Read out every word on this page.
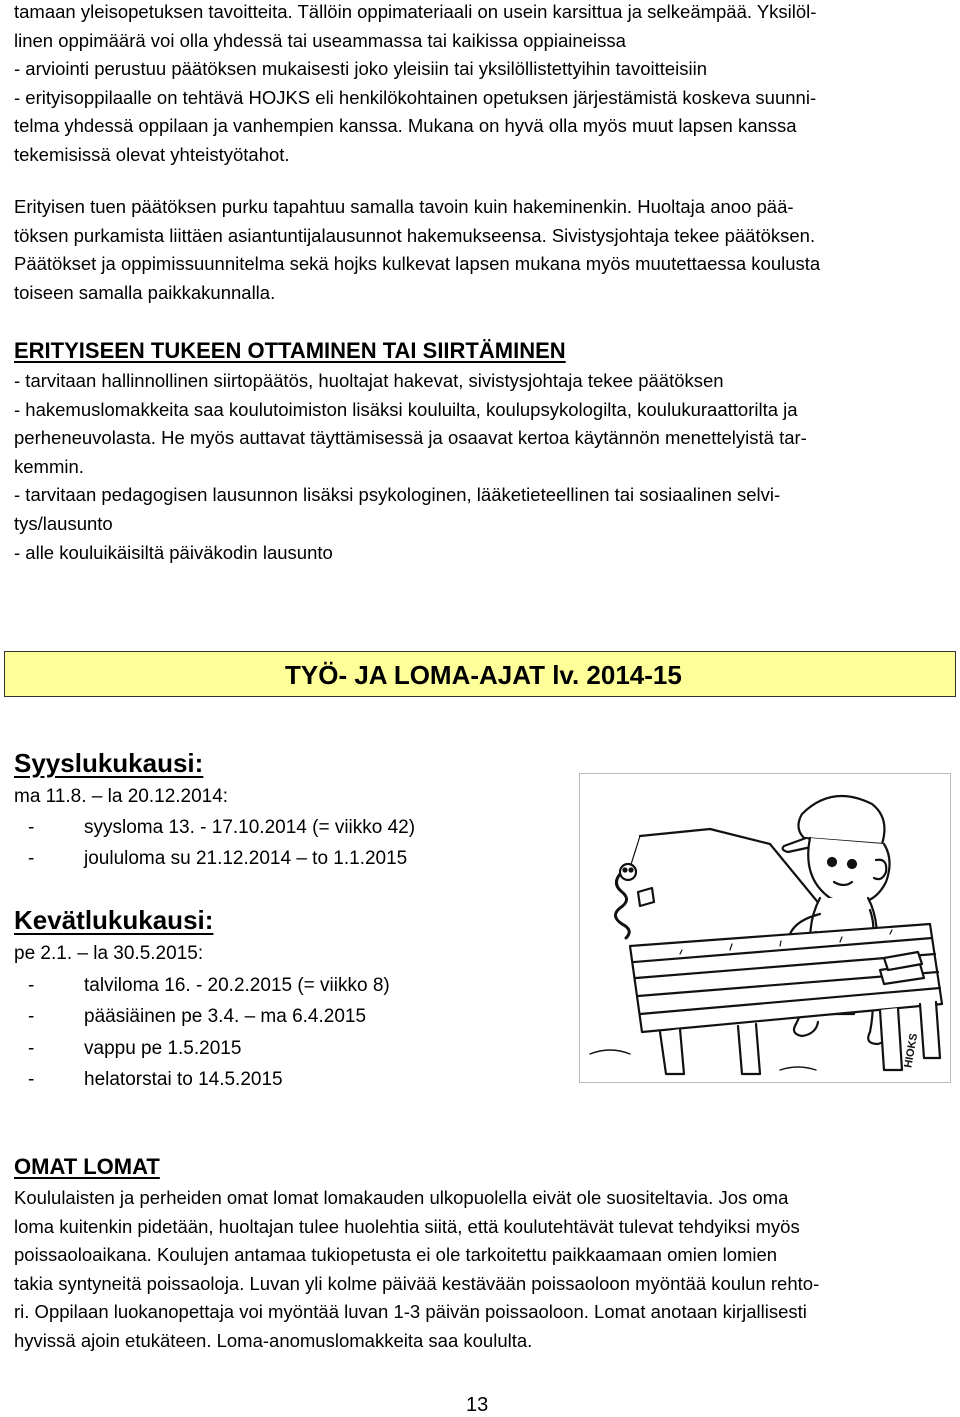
tamaan yleisopetuksen tavoitteita. Tällöin oppimateriaali on usein karsittua ja selkeämpää. Yksilöl-
linen oppimäärä voi olla yhdessä tai useammassa tai kaikissa oppiaineissa
- arviointi perustuu päätöksen mukaisesti joko yleisiin tai yksilöllistettyihin tavoitteisiin
- erityisoppilaalle on tehtävä HOJKS eli henkilökohtainen opetuksen järjestämistä koskeva suunni-
telma yhdessä oppilaan ja vanhempien kanssa. Mukana on hyvä olla myös muut lapsen kanssa
tekemisissä olevat yhteistyötahot.
Erityisen tuen päätöksen purku tapahtuu samalla tavoin kuin hakeminenkin. Huoltaja anoo pää-
töksen purkamista liittäen asiantuntijalausunnot hakemukseensa. Sivistysjohtaja tekee päätöksen.
Päätökset ja oppimissuunnitelma sekä hojks kulkevat lapsen mukana myös muutettaessa koulusta
toiseen samalla paikkakunnalla.
ERITYISEEN TUKEEN OTTAMINEN TAI SIIRTÄMINEN
- tarvitaan hallinnollinen siirtopäätös, huoltajat hakevat, sivistysjohtaja tekee päätöksen
- hakemuslomakkeita saa koulutoimiston lisäksi kouluilta, koulupsykologilta, koulukuraattorilta ja
perheneuvolasta. He myös auttavat täyttämisessä ja osaavat kertoa käytännön menettelyistä tar-
kemmin.
- tarvitaan pedagogisen lausunnon lisäksi psykologinen, lääketieteellinen tai sosiaalinen selvi-
tys/lausunto
- alle kouluikäisiltä päiväkodin lausunto
TYÖ- JA LOMA-AJAT lv. 2014-15
Syyslukukausi:
ma 11.8. – la 20.12.2014:
-	syysloma 13. - 17.10.2014 (= viikko 42)
-	joululoma su 21.12.2014 – to 1.1.2015
Kevätlukukausi:
pe 2.1. – la 30.5.2015:
-	talviloma 16. - 20.2.2015 (= viikko 8)
-	pääsiäinen pe 3.4. – ma 6.4.2015
-	vappu pe 1.5.2015
-	helatorstai to 14.5.2015
HIOKS
OMAT LOMAT
Koululaisten ja perheiden omat lomat lomakauden ulkopuolella eivät ole suositeltavia. Jos oma
loma kuitenkin pidetään, huoltajan tulee huolehtia siitä, että koulutehtävät tulevat tehdyiksi myös
poissaoloaikana. Koulujen antamaa tukiopetusta ei ole tarkoitettu paikkaamaan omien lomien
takia syntyneitä poissaoloja. Luvan yli kolme päivää kestävään poissaoloon myöntää koulun rehto-
ri. Oppilaan luokanopettaja voi myöntää luvan 1-3 päivän poissaoloon. Lomat anotaan kirjallisesti
hyvissä ajoin etukäteen. Loma-anomuslomakkeita saa koululta.
13
